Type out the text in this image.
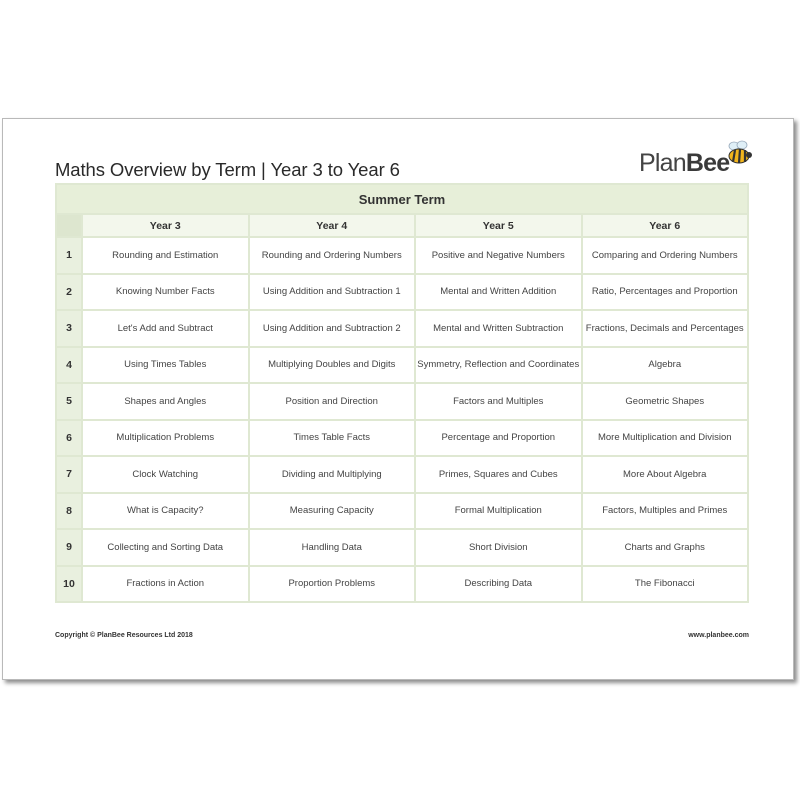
Maths Overview by Term | Year 3 to Year 6	PlanBee
Summer Term				
	Year 3	Year 4	Year 5	Year 6
1	Rounding and Estimation	Rounding and Ordering Numbers	Positive and Negative Numbers	Comparing and Ordering Numbers
2	Knowing Number Facts	Using Addition and Subtraction 1	Mental and Written Addition	Ratio, Percentages and Proportion
3	Let's Add and Subtract	Using Addition and Subtraction 2	Mental and Written Subtraction	Fractions, Decimals and Percentages
4	Using Times Tables	Multiplying Doubles and Digits	Symmetry, Reflection and Coordinates	Algebra
5	Shapes and Angles	Position and Direction	Factors and Multiples	Geometric Shapes
6	Multiplication Problems	Times Table Facts	Percentage and Proportion	More Multiplication and Division
7	Clock Watching	Dividing and Multiplying	Primes, Squares and Cubes	More About Algebra
8	What is Capacity?	Measuring Capacity	Formal Multiplication	Factors, Multiples and Primes
9	Collecting and Sorting Data	Handling Data	Short Division	Charts and Graphs
10	Fractions in Action	Proportion Problems	Describing Data	The Fibonacci
Copyright © PlanBee Resources Ltd 2018	www.planbee.com
